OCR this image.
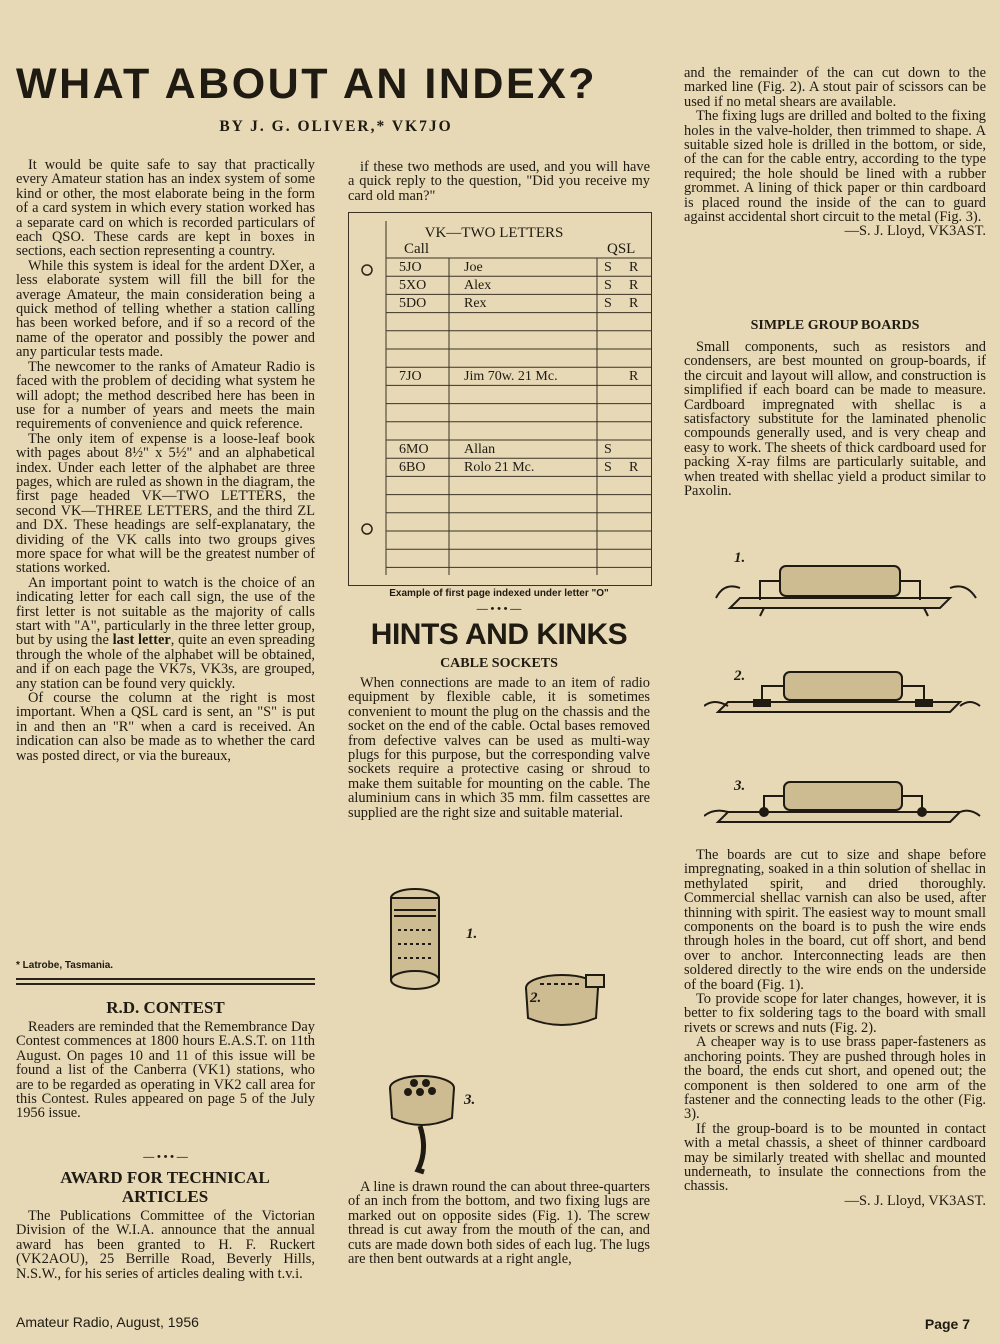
WHAT ABOUT AN INDEX?
BY J. G. OLIVER,* VK7JO

It would be quite safe to say that practically every Amateur station has an index system of some kind or other, the most elaborate being in the form of a card system in which every station worked has a separate card on which is recorded particulars of each QSO. These cards are kept in boxes in sections, each section representing a country.

While this system is ideal for the ardent DXer, a less elaborate system will fill the bill for the average Amateur, the main consideration being a quick method of telling whether a station calling has been worked before, and if so a record of the name of the operator and possibly the power and any particular tests made.

The newcomer to the ranks of Amateur Radio is faced with the problem of deciding what system he will adopt; the method described here has been in use for a number of years and meets the main requirements of convenience and quick reference.

The only item of expense is a loose-leaf book with pages about 8½" x 5½" and an alphabetical index. Under each letter of the alphabet are three pages, which are ruled as shown in the diagram, the first page headed VK—TWO LETTERS, the second VK—THREE LETTERS, and the third ZL and DX. These headings are self-explanatary, the dividing of the VK calls into two groups gives more space for what will be the greatest number of stations worked.

An important point to watch is the choice of an indicating letter for each call sign, the use of the first letter is not suitable as the majority of calls start with "A", particularly in the three letter group, but by using the last letter, quite an even spreading through the whole of the alphabet will be obtained, and if on each page the VK7s, VK3s, are grouped, any station can be found very quickly.

Of course the column at the right is most important. When a QSL card is sent, an "S" is put in and then an "R" when a card is received. An indication can also be made as to whether the card was posted direct, or via the bureaux,

* Latrobe, Tasmania.
R.D. CONTEST

Readers are reminded that the Remembrance Day Contest commences at 1800 hours E.A.S.T. on 11th August. On pages 10 and 11 of this issue will be found a list of the Canberra (VK1) stations, who are to be regarded as operating in VK2 call area for this Contest. Rules appeared on page 5 of the July 1956 issue.

— • • • —
AWARD FOR TECHNICAL ARTICLES

The Publications Committee of the Victorian Division of the W.I.A. announce that the annual award has been granted to H. F. Ruckert (VK2AOU), 25 Berrille Road, Beverly Hills, N.S.W., for his series of articles dealing with t.v.i.

if these two methods are used, and you will have a quick reply to the question, "Did you receive my card old man?"

VK—TWO LETTERS
Call	QSL
5JO	Joe	S R
5XO	Alex	S R
5DO	Rex	S R
7JO	Jim 70w. 21 Mc.	R
6MO	Allan	S
6BO	Rolo 21 Mc.	S R
Example of first page indexed under letter "O"
— • • • —
HINTS AND KINKS
CABLE SOCKETS

When connections are made to an item of radio equipment by flexible cable, it is sometimes convenient to mount the plug on the chassis and the socket on the end of the cable. Octal bases removed from defective valves can be used as multi-way plugs for this purpose, but the corresponding valve sockets require a protective casing or shroud to make them suitable for mounting on the cable. The aluminium cans in which 35 mm. film cassettes are supplied are the right size and suitable material.

1.
2.
3.

A line is drawn round the can about three-quarters of an inch from the bottom, and two fixing lugs are marked out on opposite sides (Fig. 1). The screw thread is cut away from the mouth of the can, and cuts are made down both sides of each lug. The lugs are then bent outwards at a right angle,

and the remainder of the can cut down to the marked line (Fig. 2). A stout pair of scissors can be used if no metal shears are available.

The fixing lugs are drilled and bolted to the fixing holes in the valve-holder, then trimmed to shape. A suitable sized hole is drilled in the bottom, or side, of the can for the cable entry, according to the type required; the hole should be lined with a rubber grommet. A lining of thick paper or thin cardboard is placed round the inside of the can to guard against accidental short circuit to the metal (Fig. 3).

—S. J. Lloyd, VK3AST.

SIMPLE GROUP BOARDS

Small components, such as resistors and condensers, are best mounted on group-boards, if the circuit and layout will allow, and construction is simplified if each board can be made to measure. Cardboard impregnated with shellac is a satisfactory substitute for the laminated phenolic compounds generally used, and is very cheap and easy to work. The sheets of thick cardboard used for packing X-ray films are particularly suitable, and when treated with shellac yield a product similar to Paxolin.

1.
2.
3.

The boards are cut to size and shape before impregnating, soaked in a thin solution of shellac in methylated spirit, and dried thoroughly. Commercial shellac varnish can also be used, after thinning with spirit. The easiest way to mount small components on the board is to push the wire ends through holes in the board, cut off short, and bend over to anchor. Interconnecting leads are then soldered directly to the wire ends on the underside of the board (Fig. 1).

To provide scope for later changes, however, it is better to fix soldering tags to the board with small rivets or screws and nuts (Fig. 2).

A cheaper way is to use brass paper-fasteners as anchoring points. They are pushed through holes in the board, the ends cut short, and opened out; the component is then soldered to one arm of the fastener and the connecting leads to the other (Fig. 3).

If the group-board is to be mounted in contact with a metal chassis, a sheet of thinner cardboard may be similarly treated with shellac and mounted underneath, to insulate the connections from the chassis.

—S. J. Lloyd, VK3AST.

Amateur Radio, August, 1956	Page 7
